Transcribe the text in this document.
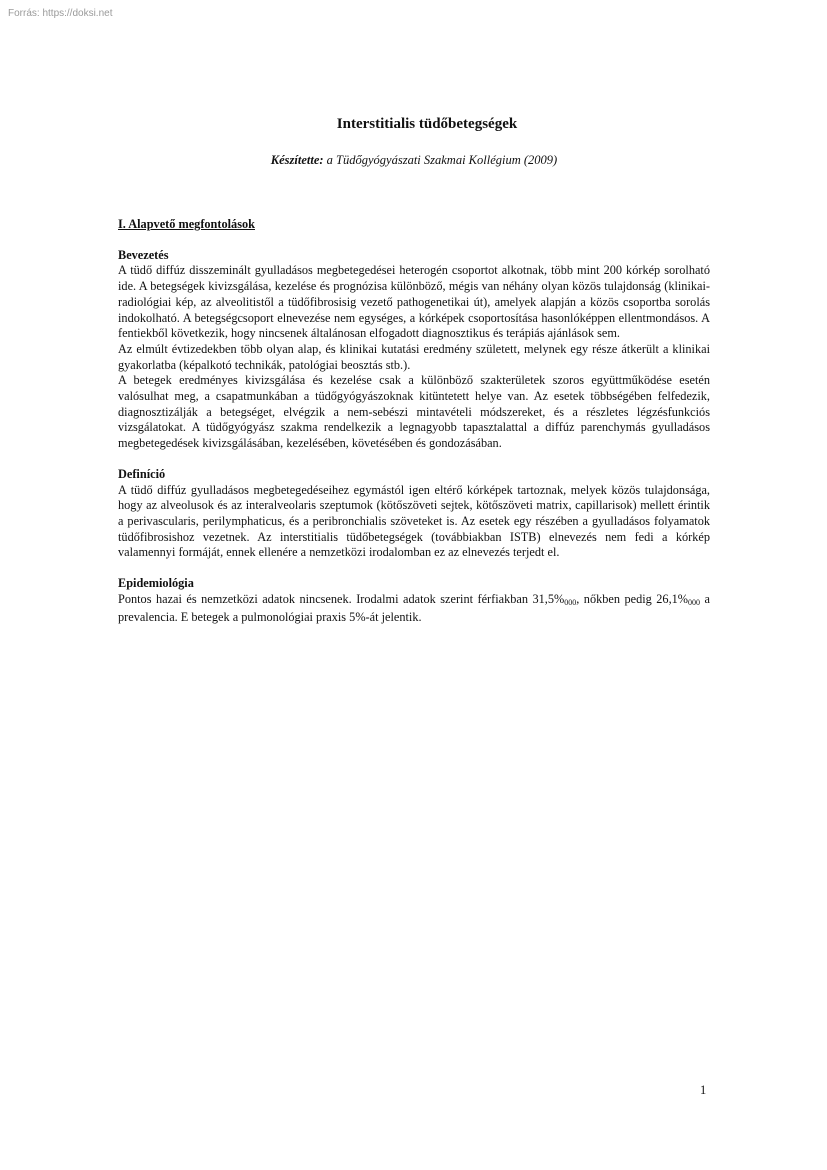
Forrás: https://doksi.net
Interstitialis tüdőbetegségek
Készítette: a Tüdőgyógyászati Szakmai Kollégium (2009)
I. Alapvető megfontolások
Bevezetés

A tüdő diffúz disszeminált gyulladásos megbetegedései heterogén csoportot alkotnak, több mint 200 kórkép sorolható ide. A betegségek kivizsgálása, kezelése és prognózisa különböző, mégis van néhány olyan közös tulajdonság (klinikai-radiológiai kép, az alveolitistől a tüdőfibrosisig vezető pathogenetikai út), amelyek alapján a közös csoportba sorolás indokolható. A betegségcsoport elnevezése nem egységes, a kórképek csoportosítása hasonlóképpen ellentmondásos. A fentiekből következik, hogy nincsenek általánosan elfogadott diagnosztikus és terápiás ajánlások sem.

Az elmúlt évtizedekben több olyan alap, és klinikai kutatási eredmény született, melynek egy része átkerült a klinikai gyakorlatba (képalkotó technikák, patológiai beosztás stb.).

A betegek eredményes kivizsgálása és kezelése csak a különböző szakterületek szoros együttműködése esetén valósulhat meg, a csapatmunkában a tüdőgyógyászoknak kitüntetett helye van. Az esetek többségében felfedezik, diagnosztizálják a betegséget, elvégzik a nem-sebészi mintavételi módszereket, és a részletes légzésfunkciós vizsgálatokat. A tüdőgyógyász szakma rendelkezik a legnagyobb tapasztalattal a diffúz parenchymás gyulladásos megbetegedések kivizsgálásában, kezelésében, követésében és gondozásában.

Definíció

A tüdő diffúz gyulladásos megbetegedéseihez egymástól igen eltérő kórképek tartoznak, melyek közös tulajdonsága, hogy az alveolusok és az interalveolaris szeptumok (kötőszöveti sejtek, kötőszöveti matrix, capillarisok) mellett érintik a perivascularis, perilymphaticus, és a peribronchialis szöveteket is. Az esetek egy részében a gyulladásos folyamatok tüdőfibrosishoz vezetnek. Az interstitialis tüdőbetegségek (továbbiakban ISTB) elnevezés nem fedi a kórkép valamennyi formáját, ennek ellenére a nemzetközi irodalomban ez az elnevezés terjedt el.

Epidemiológia

Pontos hazai és nemzetközi adatok nincsenek. Irodalmi adatok szerint férfiakban $31,5\%_{000}$, nőkben pedig $26,1\%_{000}$ a prevalencia. E betegek a pulmonológiai praxis 5%-át jelentik.

1
